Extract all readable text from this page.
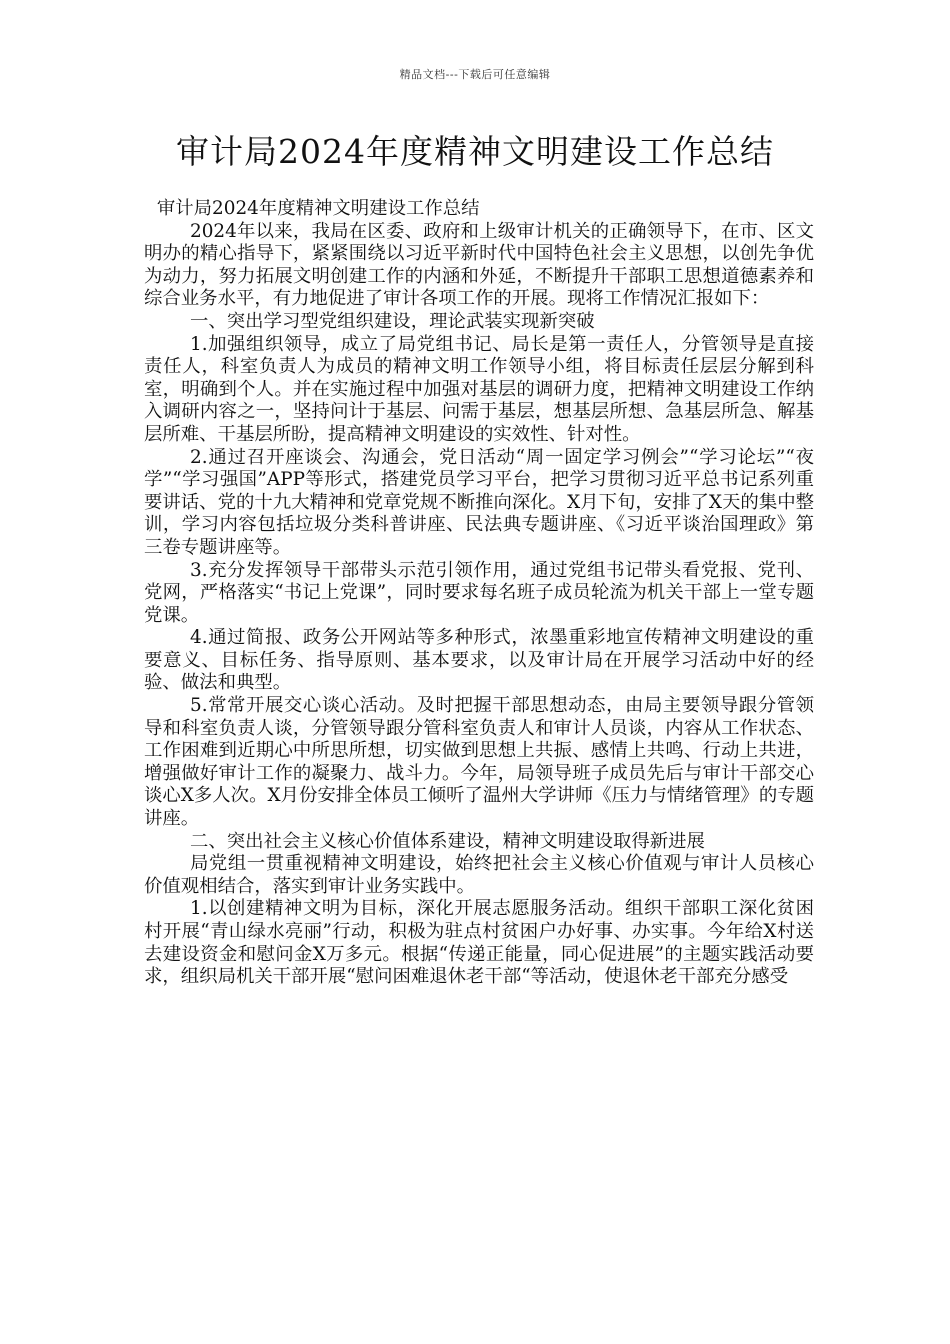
精品文档---下载后可任意编辑
审计局2024年度精神文明建设工作总结

审计局2024年度精神文明建设工作总结

2024年以来，我局在区委、政府和上级审计机关的正确领导下，在市、区文明办的精心指导下，紧紧围绕以习近平新时代中国特色社会主义思想，以创先争优为动力，努力拓展文明创建工作的内涵和外延，不断提升干部职工思想道德素养和综合业务水平，有力地促进了审计各项工作的开展。现将工作情况汇报如下：

一、突出学习型党组织建设，理论武装实现新突破

1.加强组织领导，成立了局党组书记、局长是第一责任人，分管领导是直接责任人，科室负责人为成员的精神文明工作领导小组，将目标责任层层分解到科室，明确到个人。并在实施过程中加强对基层的调研力度，把精神文明建设工作纳入调研内容之一，坚持问计于基层、问需于基层，想基层所想、急基层所急、解基层所难、干基层所盼，提高精神文明建设的实效性、针对性。

2.通过召开座谈会、沟通会，党日活动“周一固定学习例会”“学习论坛”“夜学”“学习强国”APP等形式，搭建党员学习平台，把学习贯彻习近平总书记系列重要讲话、党的十九大精神和党章党规不断推向深化。X月下旬，安排了X天的集中整训，学习内容包括垃圾分类科普讲座、民法典专题讲座、《习近平谈治国理政》第三卷专题讲座等。

3.充分发挥领导干部带头示范引领作用，通过党组书记带头看党报、党刊、党网，严格落实“书记上党课”，同时要求每名班子成员轮流为机关干部上一堂专题党课。

4.通过简报、政务公开网站等多种形式，浓墨重彩地宣传精神文明建设的重要意义、目标任务、指导原则、基本要求，以及审计局在开展学习活动中好的经验、做法和典型。

5.常常开展交心谈心活动。及时把握干部思想动态，由局主要领导跟分管领导和科室负责人谈，分管领导跟分管科室负责人和审计人员谈，内容从工作状态、工作困难到近期心中所思所想，切实做到思想上共振、感情上共鸣、行动上共进，增强做好审计工作的凝聚力、战斗力。今年，局领导班子成员先后与审计干部交心谈心X多人次。X月份安排全体员工倾听了温州大学讲师《压力与情绪管理》的专题讲座。

二、突出社会主义核心价值体系建设，精神文明建设取得新进展

局党组一贯重视精神文明建设，始终把社会主义核心价值观与审计人员核心价值观相结合，落实到审计业务实践中。

1.以创建精神文明为目标，深化开展志愿服务活动。组织干部职工深化贫困村开展“青山绿水亮丽”行动，积极为驻点村贫困户办好事、办实事。今年给X村送去建设资金和慰问金X万多元。根据“传递正能量，同心促进展”的主题实践活动要求，组织局机关干部开展“慰问困难退休老干部“等活动，使退休老干部充分感受
